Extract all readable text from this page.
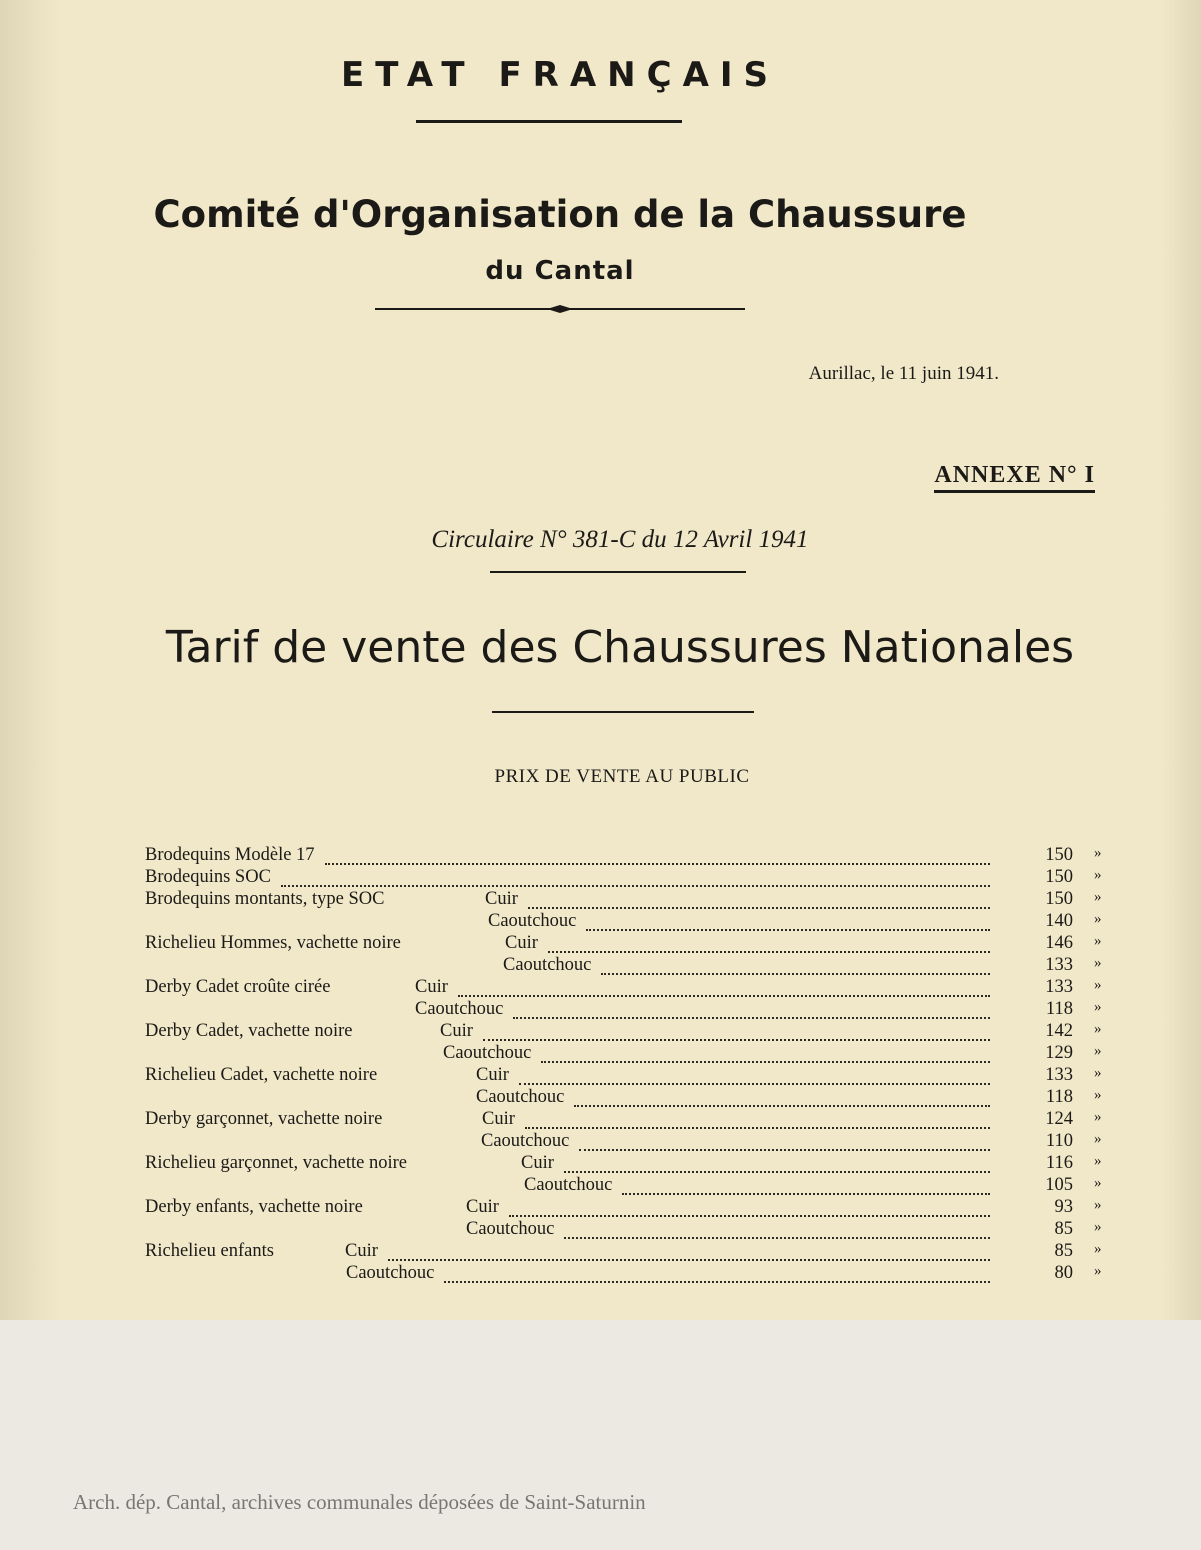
ETAT FRANÇAIS
Comité d'Organisation de la Chaussure
du Cantal
Aurillac, le 11 juin 1941.
ANNEXE N° I
Circulaire N° 381-C du 12 Avril 1941
Tarif de vente des Chaussures Nationales
PRIX DE VENTE AU PUBLIC
Brodequins Modèle 17	150 »
Brodequins SOC	150 »
Brodequins montants, type SOC	Cuir	150 »
Caoutchouc	140 »
Richelieu Hommes, vachette noire	Cuir	146 »
Caoutchouc	133 »
Derby Cadet croûte cirée	Cuir	133 »
Caoutchouc	118 »
Derby Cadet, vachette noire	Cuir	142 »
Caoutchouc	129 »
Richelieu Cadet, vachette noire	Cuir	133 »
Caoutchouc	118 »
Derby garçonnet, vachette noire	Cuir	124 »
Caoutchouc	110 »
Richelieu garçonnet, vachette noire	Cuir	116 »
Caoutchouc	105 »
Derby enfants, vachette noire	Cuir	93 »
Caoutchouc	85 »
Richelieu enfants	Cuir	85 »
Caoutchouc	80 »
Arch. dép. Cantal, archives communales déposées de Saint-Saturnin
